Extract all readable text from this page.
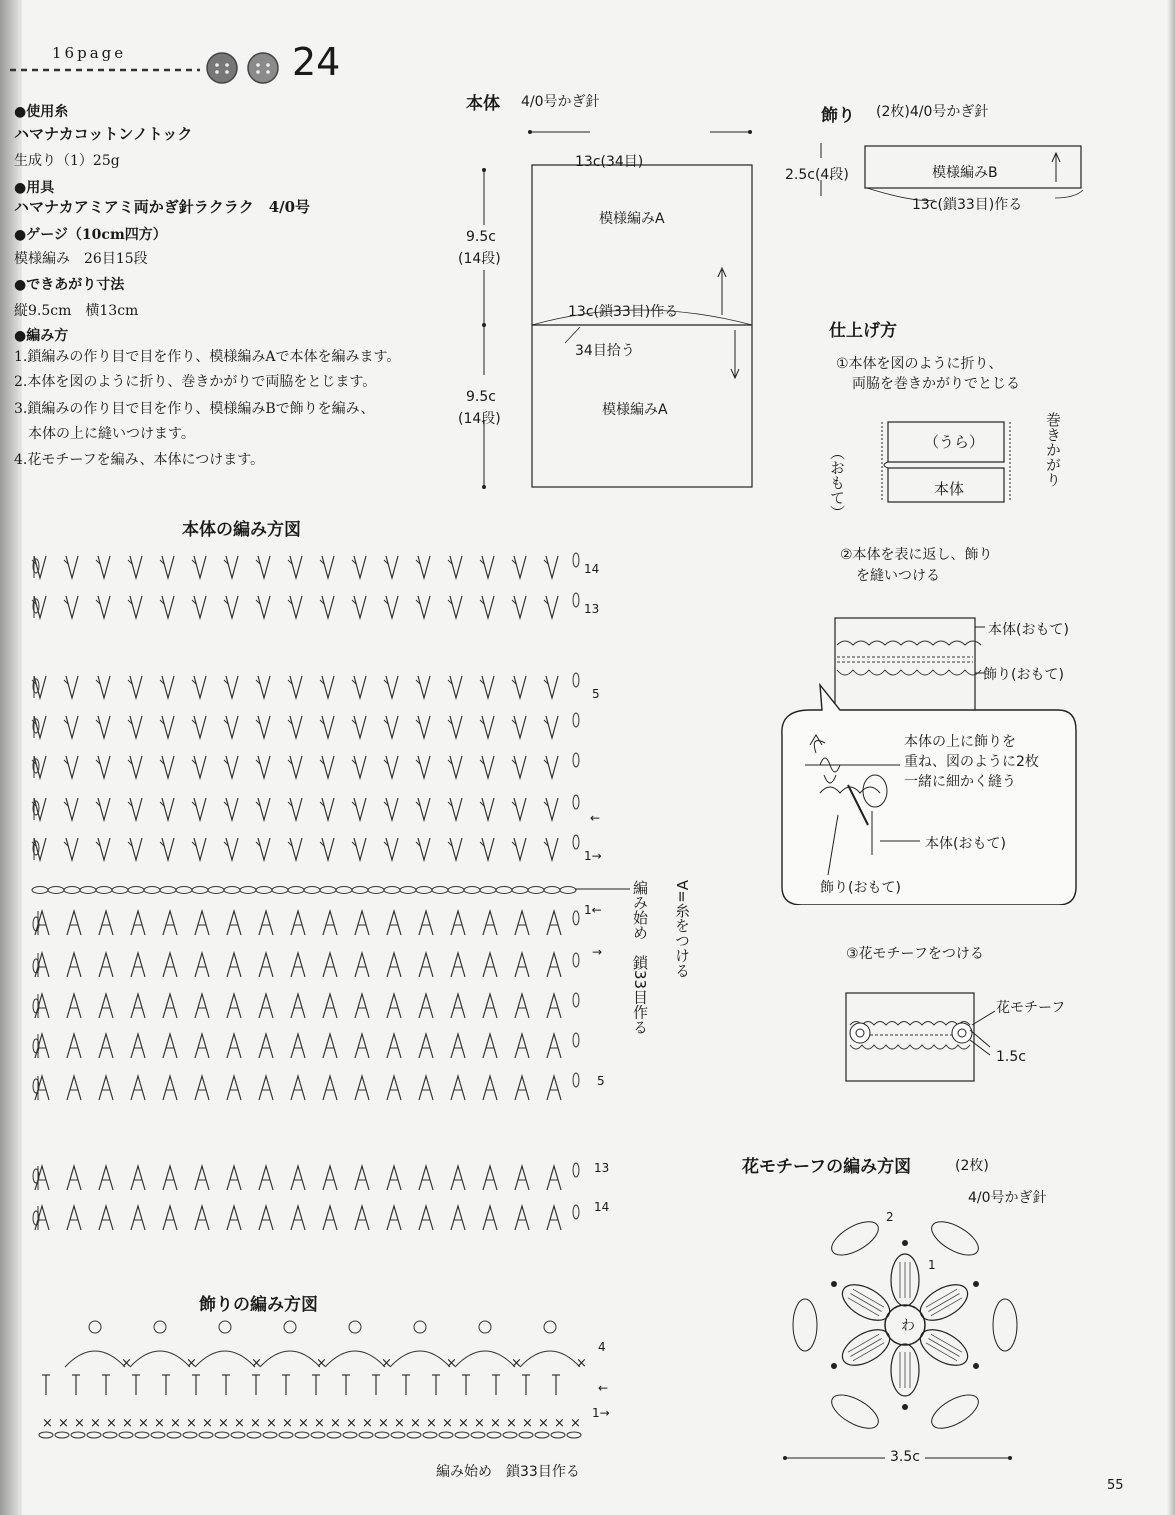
16page	24
●使用糸
ハマナカコットンノトック
生成り（1）25g
●用具
ハマナカアミアミ両かぎ針ラクラク　4/0号
●ゲージ（10cm四方）
模様編み　26目15段
●できあがり寸法
縦9.5cm　横13cm
●編み方
1.鎖編みの作り目で目を作り、模様編みAで本体を編みます。
2.本体を図のように折り、巻きかがりで両脇をとじます。
3.鎖編みの作り目で目を作り、模様編みBで飾りを編み、
　本体の上に縫いつけます。
4.花モチーフを編み、本体につけます。
本体 4/0号かぎ針
13c(34目)
模様編みA
9.5c
(14段)
13c(鎖33目)作る
34目拾う
9.5c
模様編みA
(14段)
飾り (2枚)4/0号かぎ針
2.5c(4段)	模様編みB
13c(鎖33目)作る
仕上げ方
①本体を図のように折り、
両脇を巻きかがりでとじる
（うら）
本体
（おもて）	巻きかがり
②本体を表に返し、飾り
を縫いつける
本体(おもて)
飾り(おもて)
本体の上に飾りを
重ね、図のように2枚
一緒に細かく縫う
本体(おもて)
飾り(おもて)
③花モチーフをつける
花モチーフ
1.5c
本体の編み方図
14
13
5
←
1→
1←
→
5
13
14
編み始め　鎖33目作る ∀=糸をつける
飾りの編み方図
× × × × × × × × × × × × × × × × × × × × × × × × × × × × × × × × × ×
×	×	×	×	×	×	×	×
4
←
1→
編み始め　鎖33目作る
花モチーフの編み方図	(2枚)
4/0号かぎ針
わ
1
2
3.5c
55
